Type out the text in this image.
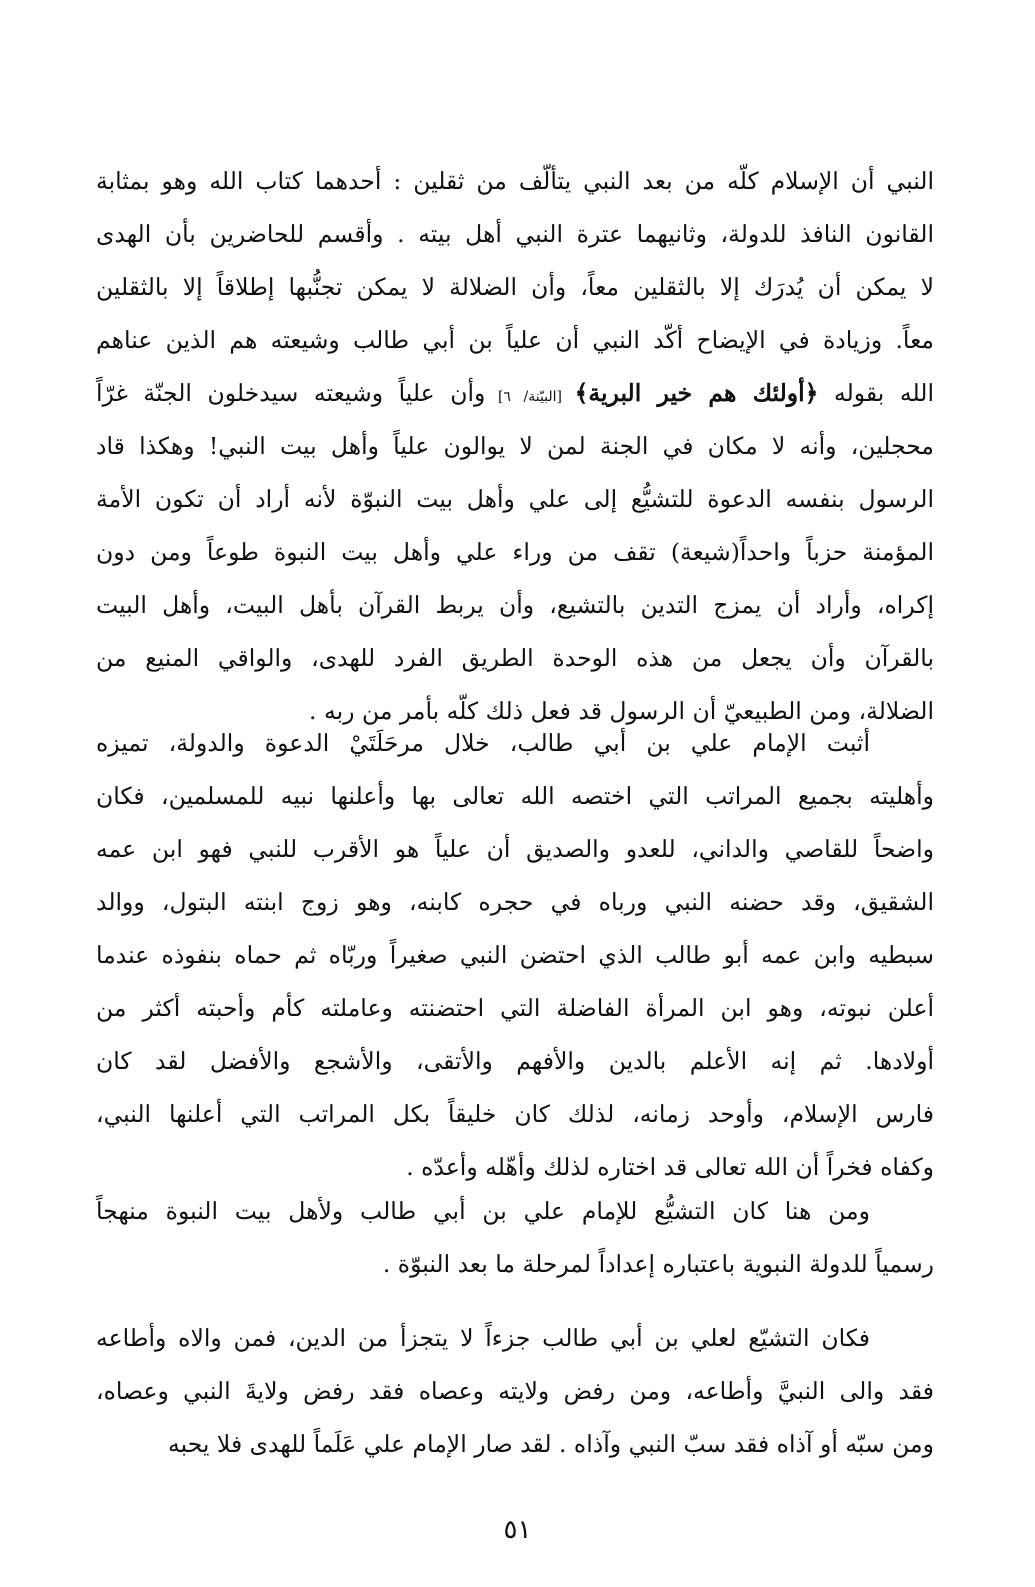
النبي أن الإسلام كلّه من بعد النبي يتألّف من ثقلين : أحدهما كتاب الله وهو بمثابة
القانون النافذ للدولة، وثانيهما عترة النبي أهل بيته . وأقسم للحاضرين بأن الهدى
لا يمكن أن يُدرَك إلا بالثقلين معاً، وأن الضلالة لا يمكن تجنُّبها إطلاقاً إلا بالثقلين
معاً. وزيادة في الإيضاح أكّد النبي أن علياً بن أبي طالب وشيعته هم الذين عناهم
الله بقوله ﴿أولئك هم خير البرية﴾ [البيّنة/ ٦] وأن علياً وشيعته سيدخلون الجنّة غرّاً
محجلين، وأنه لا مكان في الجنة لمن لا يوالون علياً وأهل بيت النبي! وهكذا قاد
الرسول بنفسه الدعوة للتشيُّع إلى علي وأهل بيت النبوّة لأنه أراد أن تكون الأمة
المؤمنة حزباً واحداً(شيعة) تقف من وراء علي وأهل بيت النبوة طوعاً ومن دون
إكراه، وأراد أن يمزج التدين بالتشيع، وأن يربط القرآن بأهل البيت، وأهل البيت
بالقرآن وأن يجعل من هذه الوحدة الطريق الفرد للهدى، والواقي المنيع من
الضلالة، ومن الطبيعيّ أن الرسول قد فعل ذلك كلّه بأمر من ربه .
أثبت الإمام علي بن أبي طالب، خلال مرحَلَتَيْ الدعوة والدولة، تميزه
وأهليته بجميع المراتب التي اختصه الله تعالى بها وأعلنها نبيه للمسلمين، فكان
واضحاً للقاصي والداني، للعدو والصديق أن علياً هو الأقرب للنبي فهو ابن عمه
الشقيق، وقد حضنه النبي ورباه في حجره كابنه، وهو زوج ابنته البتول، ووالد
سبطيه وابن عمه أبو طالب الذي احتضن النبي صغيراً وربّاه ثم حماه بنفوذه عندما
أعلن نبوته، وهو ابن المرأة الفاضلة التي احتضنته وعاملته كأم وأحبته أكثر من
أولادها. ثم إنه الأعلم بالدين والأفهم والأتقى، والأشجع والأفضل لقد كان
فارس الإسلام، وأوحد زمانه، لذلك كان خليقاً بكل المراتب التي أعلنها النبي،
وكفاه فخراً أن الله تعالى قد اختاره لذلك وأهّله وأعدّه .
ومن هنا كان التشيُّع للإمام علي بن أبي طالب ولأهل بيت النبوة منهجاً
رسمياً للدولة النبوية باعتباره إعداداً لمرحلة ما بعد النبوّة .
فكان التشيّع لعلي بن أبي طالب جزءاً لا يتجزأ من الدين، فمن والاه وأطاعه
فقد والى النبيَّ وأطاعه، ومن رفض ولايته وعصاه فقد رفض ولايةَ النبي وعصاه،
ومن سبّه أو آذاه فقد سبّ النبي وآذاه . لقد صار الإمام علي عَلَماً للهدى فلا يحبه
٥١
